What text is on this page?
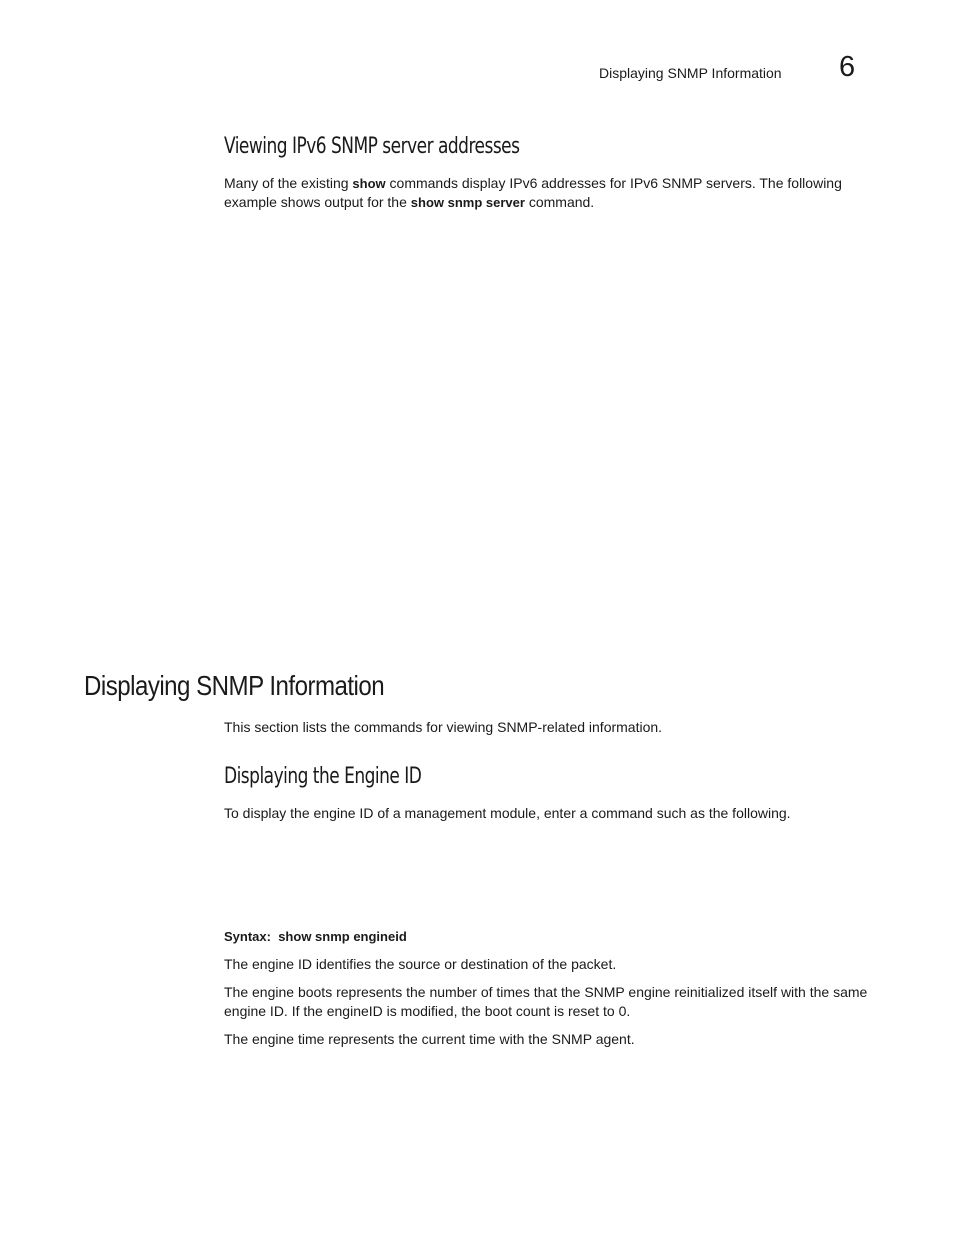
Displaying SNMP Information 6
Viewing IPv6 SNMP server addresses
Many of the existing show commands display IPv6 addresses for IPv6 SNMP servers. The following example shows output for the show snmp server command.
Displaying SNMP Information
This section lists the commands for viewing SNMP-related information.
Displaying the Engine ID
To display the engine ID of a management module, enter a command such as the following.
Syntax: show snmp engineid
The engine ID identifies the source or destination of the packet.
The engine boots represents the number of times that the SNMP engine reinitialized itself with the same engine ID. If the engineID is modified, the boot count is reset to 0.
The engine time represents the current time with the SNMP agent.
